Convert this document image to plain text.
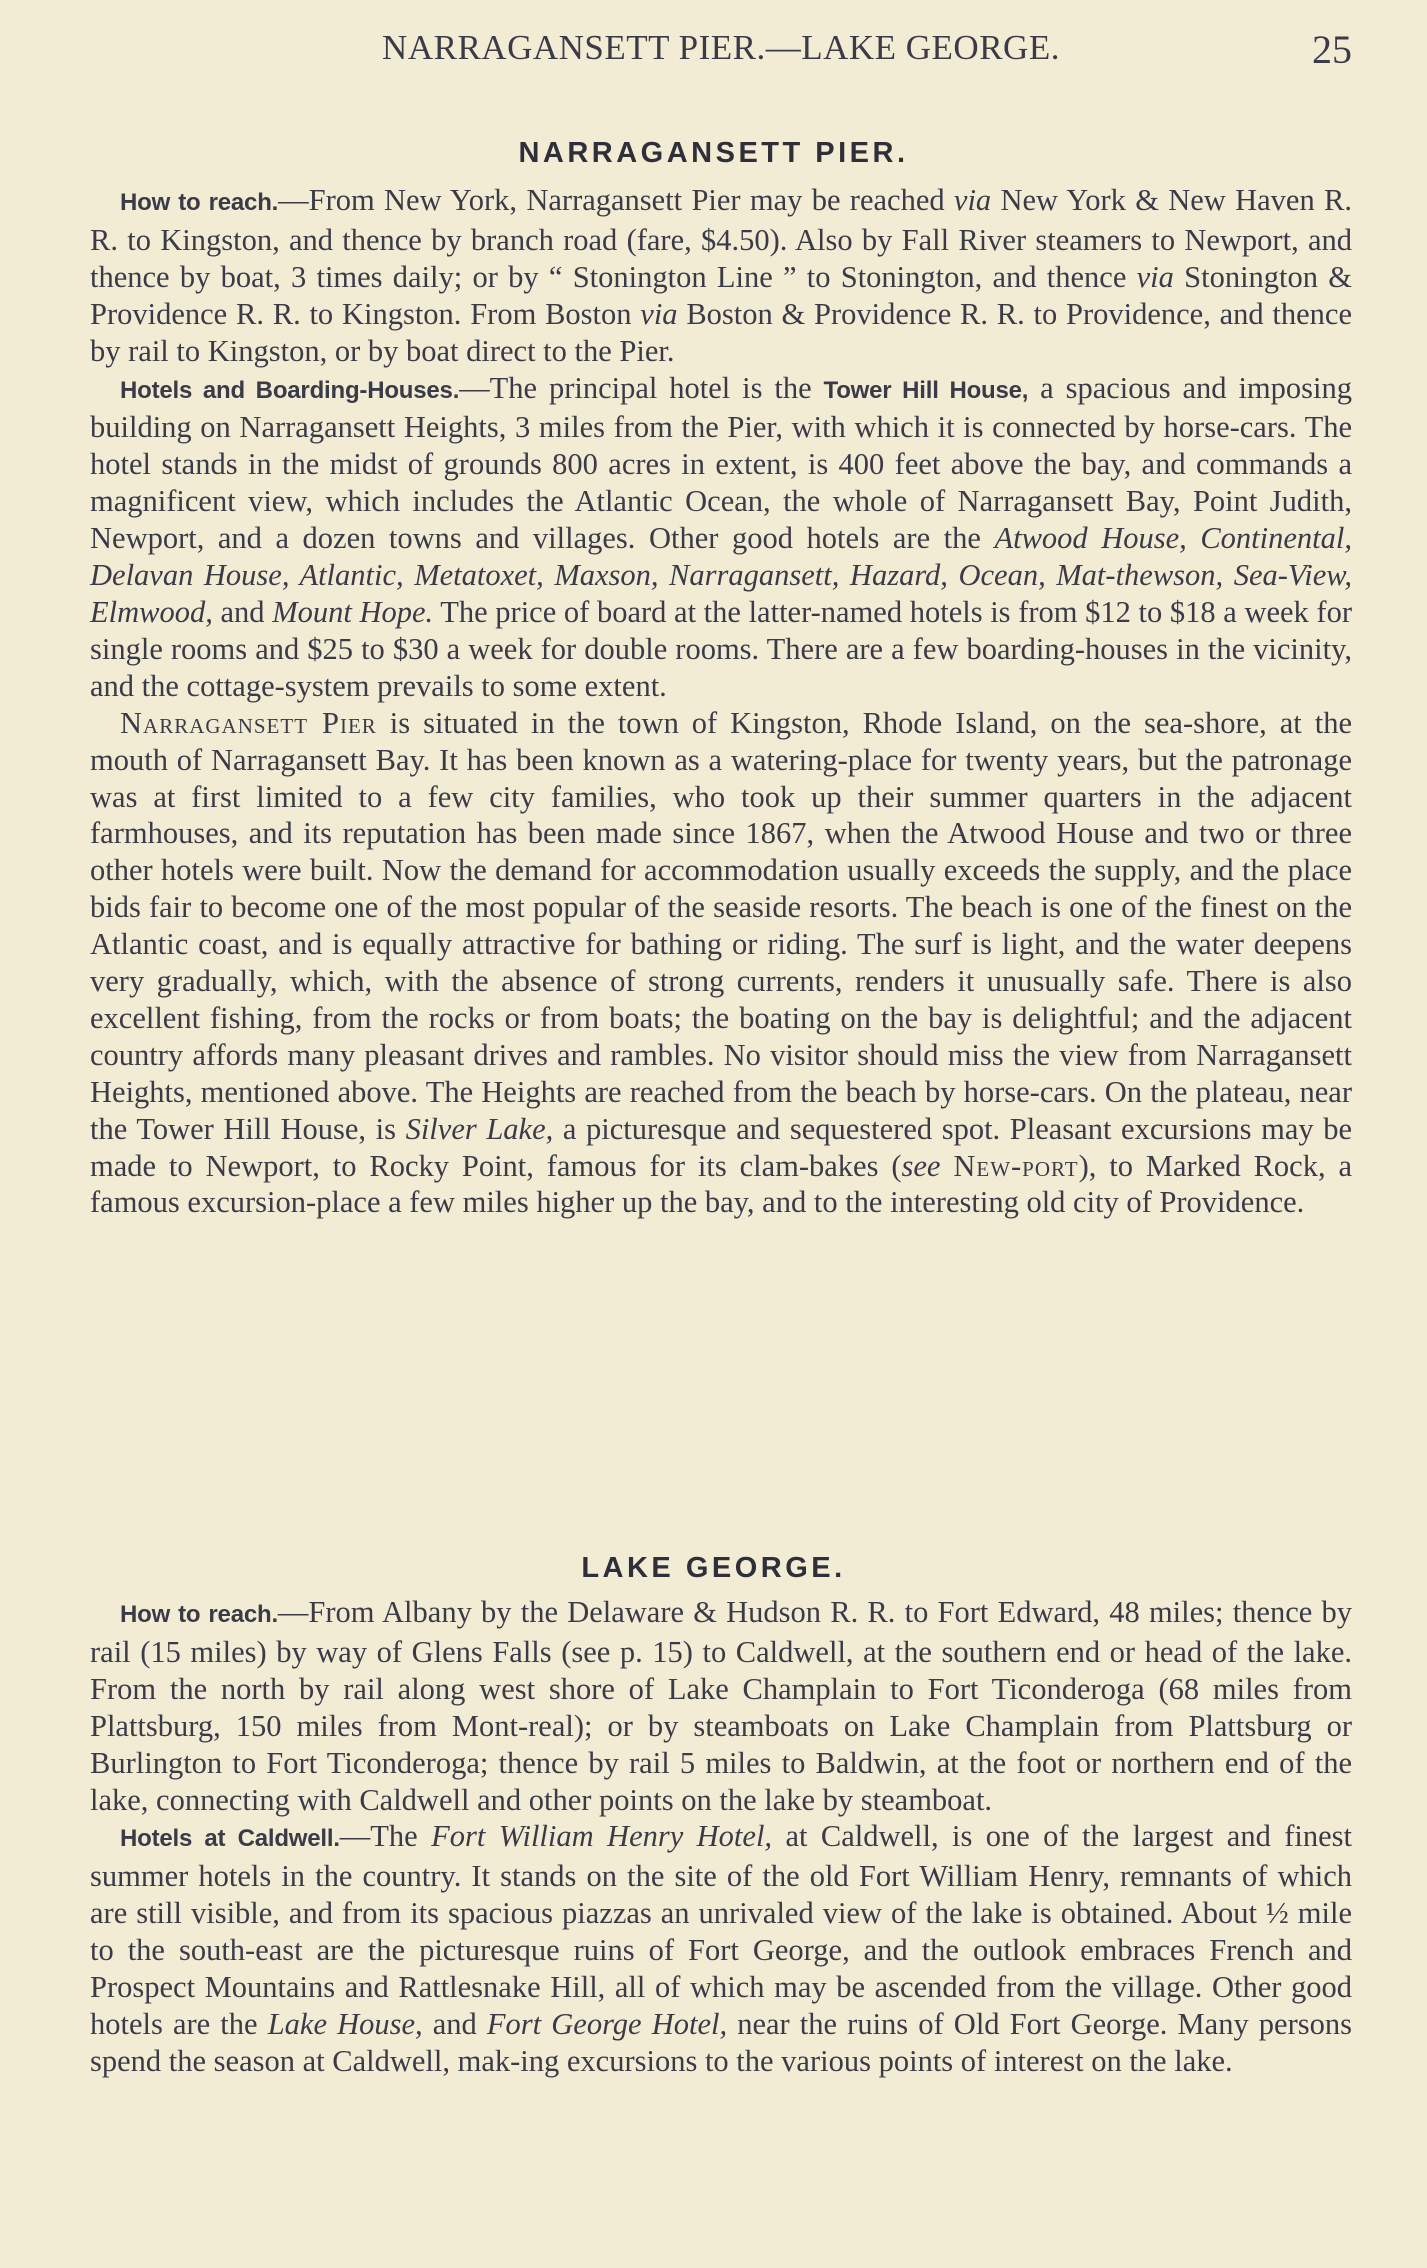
NARRAGANSETT PIER.—LAKE GEORGE.	25
NARRAGANSETT PIER.

How to reach.—From New York, Narragansett Pier may be reached via New York & New Haven R. R. to Kingston, and thence by branch road (fare, $4.50). Also by Fall River steamers to Newport, and thence by boat, 3 times daily; or by “ Stonington Line ” to Stonington, and thence via Stonington & Providence R. R. to Kingston. From Boston via Boston & Providence R. R. to Providence, and thence by rail to Kingston, or by boat direct to the Pier.

Hotels and Boarding-Houses.—The principal hotel is the Tower Hill House, a spacious and imposing building on Narragansett Heights, 3 miles from the Pier, with which it is connected by horse-cars. The hotel stands in the midst of grounds 800 acres in extent, is 400 feet above the bay, and commands a magnificent view, which includes the Atlantic Ocean, the whole of Narragansett Bay, Point Judith, Newport, and a dozen towns and villages. Other good hotels are the Atwood House, Continental, Delavan House, Atlantic, Metatoxet, Maxson, Narragansett, Hazard, Ocean, Mat-thewson, Sea-View, Elmwood, and Mount Hope. The price of board at the latter-named hotels is from $12 to $18 a week for single rooms and $25 to $30 a week for double rooms. There are a few boarding-houses in the vicinity, and the cottage-system prevails to some extent.

Narragansett Pier is situated in the town of Kingston, Rhode Island, on the sea-shore, at the mouth of Narragansett Bay. It has been known as a watering-place for twenty years, but the patronage was at first limited to a few city families, who took up their summer quarters in the adjacent farmhouses, and its reputation has been made since 1867, when the Atwood House and two or three other hotels were built. Now the demand for accommodation usually exceeds the supply, and the place bids fair to become one of the most popular of the seaside resorts. The beach is one of the finest on the Atlantic coast, and is equally attractive for bathing or riding. The surf is light, and the water deepens very gradually, which, with the absence of strong currents, renders it unusually safe. There is also excellent fishing, from the rocks or from boats; the boating on the bay is delightful; and the adjacent country affords many pleasant drives and rambles. No visitor should miss the view from Narragansett Heights, mentioned above. The Heights are reached from the beach by horse-cars. On the plateau, near the Tower Hill House, is Silver Lake, a picturesque and sequestered spot. Pleasant excursions may be made to Newport, to Rocky Point, famous for its clam-bakes (see New-port), to Marked Rock, a famous excursion-place a few miles higher up the bay, and to the interesting old city of Providence.

LAKE GEORGE.

How to reach.—From Albany by the Delaware & Hudson R. R. to Fort Edward, 48 miles; thence by rail (15 miles) by way of Glens Falls (see p. 15) to Caldwell, at the southern end or head of the lake. From the north by rail along west shore of Lake Champlain to Fort Ticonderoga (68 miles from Plattsburg, 150 miles from Mont-real); or by steamboats on Lake Champlain from Plattsburg or Burlington to Fort Ticonderoga; thence by rail 5 miles to Baldwin, at the foot or northern end of the lake, connecting with Caldwell and other points on the lake by steamboat.

Hotels at Caldwell.—The Fort William Henry Hotel, at Caldwell, is one of the largest and finest summer hotels in the country. It stands on the site of the old Fort William Henry, remnants of which are still visible, and from its spacious piazzas an unrivaled view of the lake is obtained. About ½ mile to the south-east are the picturesque ruins of Fort George, and the outlook embraces French and Prospect Mountains and Rattlesnake Hill, all of which may be ascended from the village. Other good hotels are the Lake House, and Fort George Hotel, near the ruins of Old Fort George. Many persons spend the season at Caldwell, mak-ing excursions to the various points of interest on the lake.
